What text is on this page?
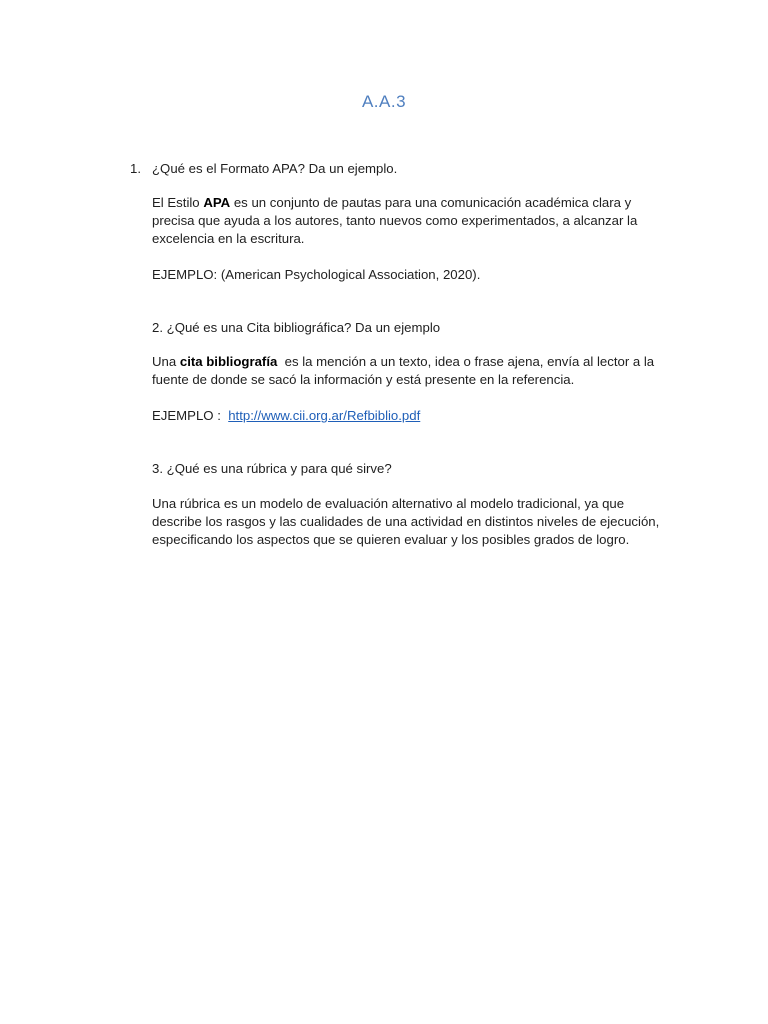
A.A.3
1. ¿Qué es el Formato APA? Da un ejemplo.
El Estilo APA es un conjunto de pautas para una comunicación académica clara y precisa que ayuda a los autores, tanto nuevos como experimentados, a alcanzar la excelencia en la escritura.
EJEMPLO: (American Psychological Association, 2020).
2. ¿Qué es una Cita bibliográfica? Da un ejemplo
Una cita bibliografía  es la mención a un texto, idea o frase ajena, envía al lector a la fuente de donde se sacó la información y está presente en la referencia.
EJEMPLO :  http://www.cii.org.ar/Refbiblio.pdf
3. ¿Qué es una rúbrica y para qué sirve?
Una rúbrica es un modelo de evaluación alternativo al modelo tradicional, ya que describe los rasgos y las cualidades de una actividad en distintos niveles de ejecución, especificando los aspectos que se quieren evaluar y los posibles grados de logro.
